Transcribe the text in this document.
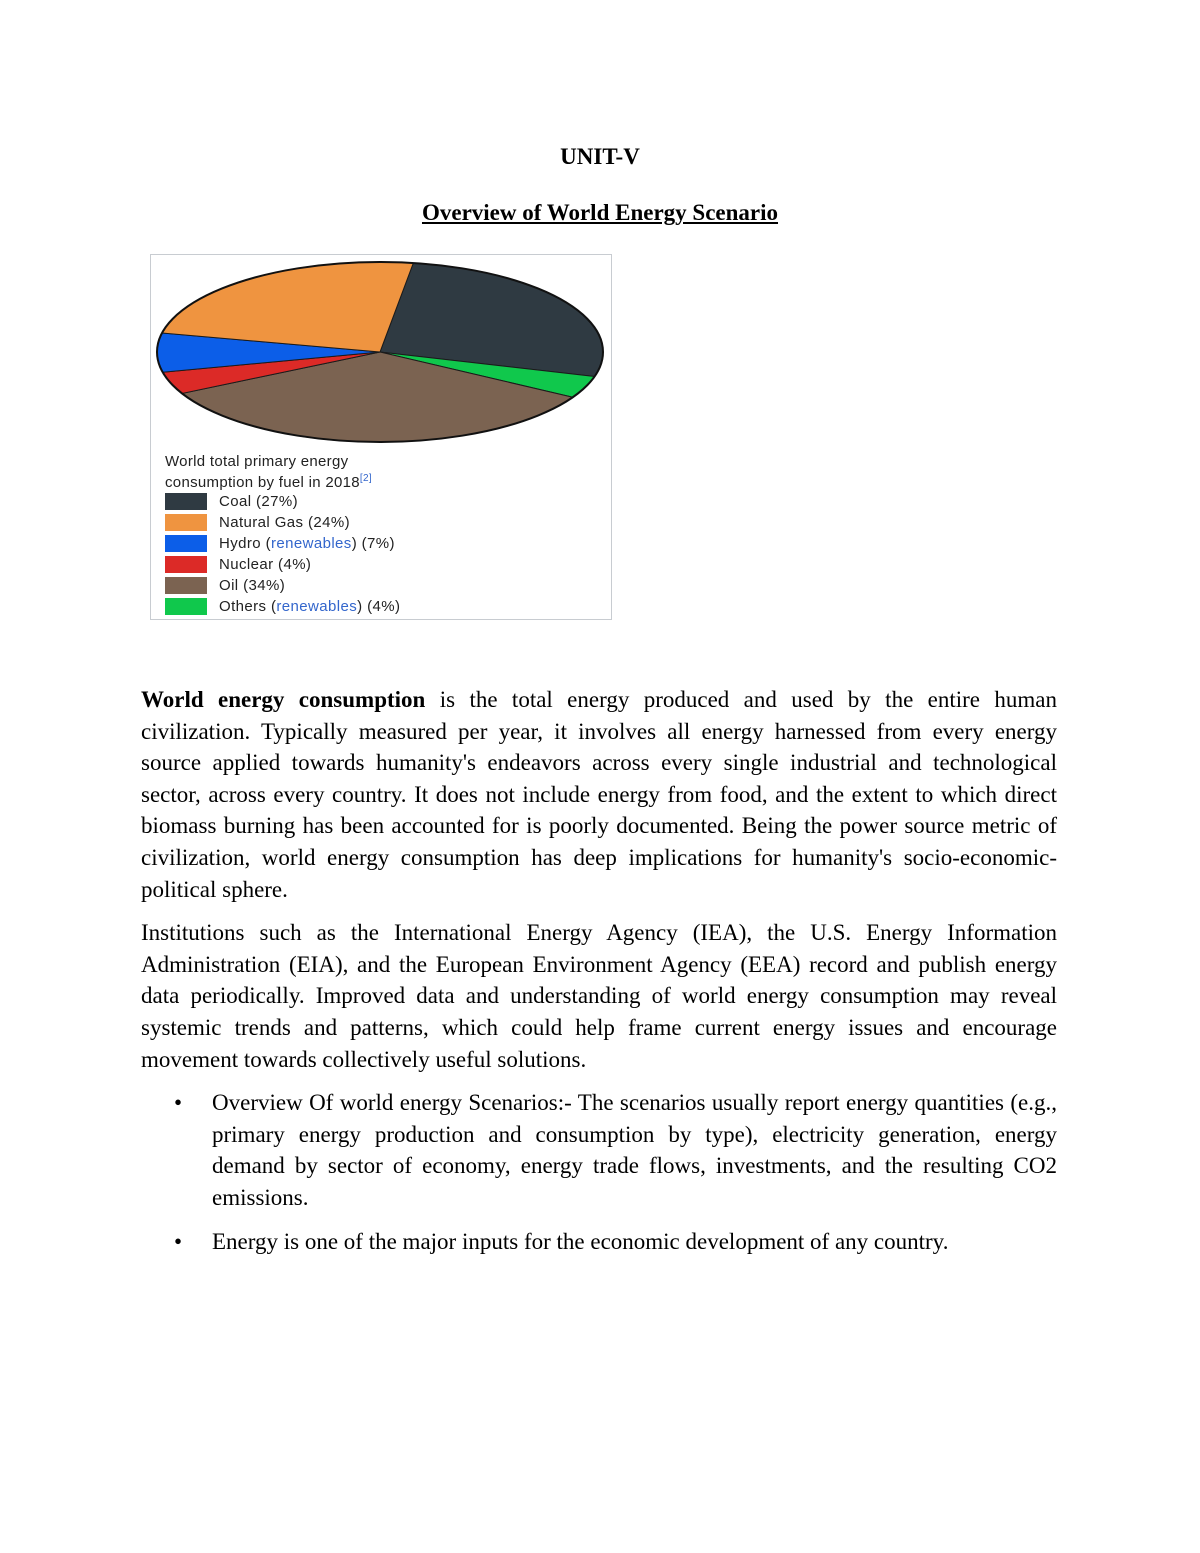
UNIT-V
Overview of World Energy Scenario
World total primary energy
consumption by fuel in 2018[2]
Coal (27%)
Natural Gas (24%)
Hydro (renewables) (7%)
Nuclear (4%)
Oil (34%)
Others (renewables) (4%)

World energy consumption is the total energy produced and used by the entire human civilization. Typically measured per year, it involves all energy harnessed from every energy source applied towards humanity's endeavors across every single industrial and technological sector, across every country. It does not include energy from food, and the extent to which direct biomass burning has been accounted for is poorly documented. Being the power source metric of civilization, world energy consumption has deep implications for humanity's socio-economic-political sphere.

Institutions such as the International Energy Agency (IEA), the U.S. Energy Information Administration (EIA), and the European Environment Agency (EEA) record and publish energy data periodically. Improved data and understanding of world energy consumption may reveal systemic trends and patterns, which could help frame current energy issues and encourage movement towards collectively useful solutions.

• Overview Of world energy Scenarios:- The scenarios usually report energy quantities (e.g., primary energy production and consumption by type), electricity generation, energy demand by sector of economy, energy trade flows, investments, and the resulting CO2 emissions.
• Energy is one of the major inputs for the economic development of any country.
